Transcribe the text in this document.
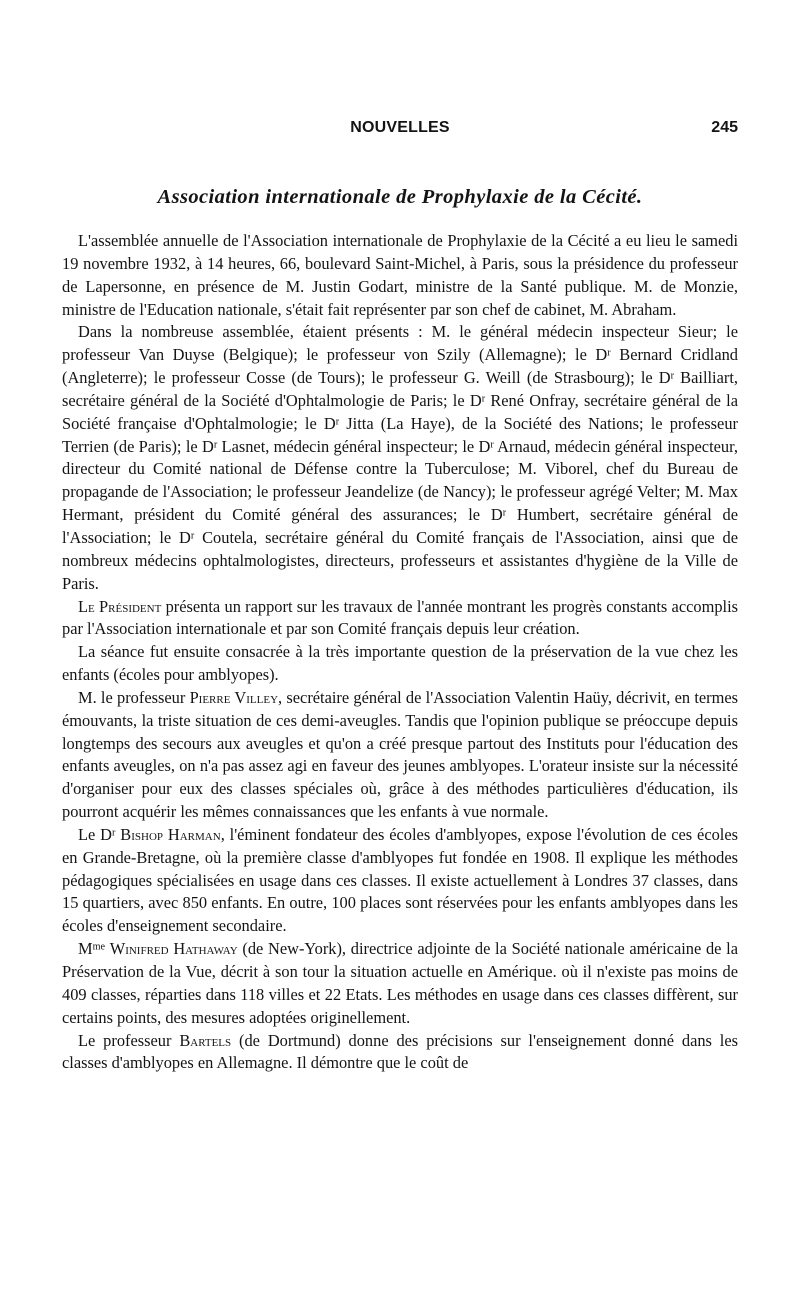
NOUVELLES	245
Association internationale de Prophylaxie de la Cécité.

L'assemblée annuelle de l'Association internationale de Prophylaxie de la Cécité a eu lieu le samedi 19 novembre 1932, à 14 heures, 66, boulevard Saint-Michel, à Paris, sous la présidence du professeur de Lapersonne, en présence de M. Justin Godart, ministre de la Santé publique. M. de Monzie, ministre de l'Education nationale, s'était fait représenter par son chef de cabinet, M. Abraham.

Dans la nombreuse assemblée, étaient présents : M. le général médecin inspecteur Sieur; le professeur Van Duyse (Belgique); le professeur von Szily (Allemagne); le $D^r$ Bernard Cridland (Angleterre); le professeur Cosse (de Tours); le professeur G. Weill (de Strasbourg); le $D^r$ Bailliart, secrétaire général de la Société d'Ophtalmologie de Paris; le $D^r$ René Onfray, secrétaire général de la Société française d'Ophtalmologie; le $D^r$ Jitta (La Haye), de la Société des Nations; le professeur Terrien (de Paris); le $D^r$ Lasnet, médecin général inspecteur; le $D^r$ Arnaud, médecin général inspecteur, directeur du Comité national de Défense contre la Tuberculose; M. Viborel, chef du Bureau de propagande de l'Association; le professeur Jeandelize (de Nancy); le professeur agrégé Velter; M. Max Hermant, président du Comité général des assurances; le $D^r$ Humbert, secrétaire général de l'Association; le $D^r$ Coutela, secrétaire général du Comité français de l'Association, ainsi que de nombreux médecins ophtalmologistes, directeurs, professeurs et assistantes d'hygiène de la Ville de Paris.

Le Président présenta un rapport sur les travaux de l'année montrant les progrès constants accomplis par l'Association internationale et par son Comité français depuis leur création.

La séance fut ensuite consacrée à la très importante question de la préservation de la vue chez les enfants (écoles pour amblyopes).

M. le professeur Pierre Villey, secrétaire général de l'Association Valentin Haüy, décrivit, en termes émouvants, la triste situation de ces demi-aveugles. Tandis que l'opinion publique se préoccupe depuis longtemps des secours aux aveugles et qu'on a créé presque partout des Instituts pour l'éducation des enfants aveugles, on n'a pas assez agi en faveur des jeunes amblyopes. L'orateur insiste sur la nécessité d'organiser pour eux des classes spéciales où, grâce à des méthodes particulières d'éducation, ils pourront acquérir les mêmes connaissances que les enfants à vue normale.

Le $D^r$ Bishop Harman, l'éminent fondateur des écoles d'amblyopes, expose l'évolution de ces écoles en Grande-Bretagne, où la première classe d'amblyopes fut fondée en 1908. Il explique les méthodes pédagogiques spécialisées en usage dans ces classes. Il existe actuellement à Londres 37 classes, dans 15 quartiers, avec 850 enfants. En outre, 100 places sont réservées pour les enfants amblyopes dans les écoles d'enseignement secondaire.

$M^{me}$ Winifred Hathaway (de New-York), directrice adjointe de la Société nationale américaine de la Préservation de la Vue, décrit à son tour la situation actuelle en Amérique. où il n'existe pas moins de 409 classes, réparties dans 118 villes et 22 Etats. Les méthodes en usage dans ces classes diffèrent, sur certains points, des mesures adoptées originellement.

Le professeur Bartels (de Dortmund) donne des précisions sur l'enseignement donné dans les classes d'amblyopes en Allemagne. Il démontre que le coût de
